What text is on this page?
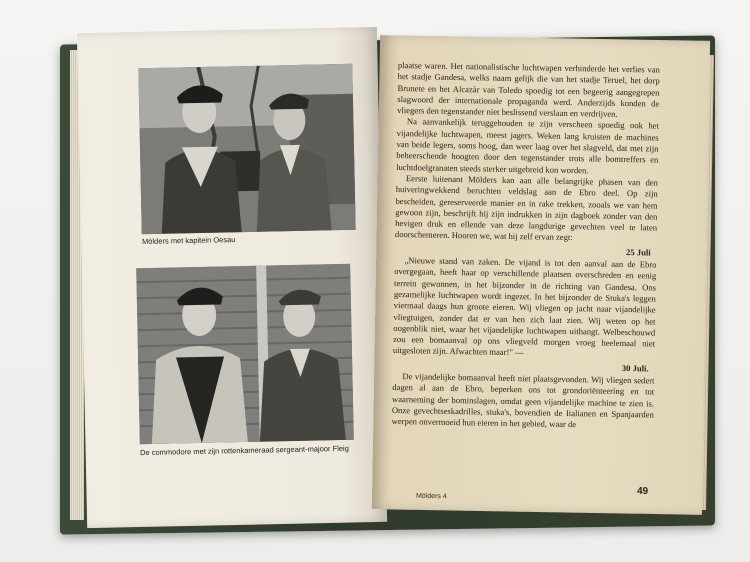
Mölders met kapitein Oesau
De commodore met zijn rottenkameraad sergeant-majoor Fleig

plaatse waren. Het nationalistische luchtwapen verhinderde het verlies van het stadje Gandesa, welks naam gelijk die van het stadje Teruel, het dorp Brunete en het Alcazàr van Toledo spoedig tot een begeerig aangegrepen slagwoord der internationale propaganda werd. Anderzijds konden de vliegers den tegenstander niet beslissend verslaan en verdrijven.

Na aanvankelijk teruggehouden te zijn verscheen spoedig ook het vijandelijke luchtwapen, meest jagers. Weken lang kruisten de machines van beide legers, soms hoog, dan weer laag over het slagveld, dat met zijn beheerschende hoogten door den tegenstander trots alle bomtreffers en luchtdoelgranaten steeds sterker uitgebreid kon worden.

Eerste luitenant Mölders kan aan alle belangrijke phasen van den huiveringwekkend beruchten veldslag aan de Ebro deel. Op zijn bescheiden, gereserveerde manier en in rake trekken, zooals we van hem gewoon zijn, beschrijft hij zijn indrukken in zijn dagboek zonder van den hevigen druk en ellende van deze langdurige gevechten veel te laten doorschemeren. Hooren we, wat hij zelf ervan zegt:

25 Juli

„Nieuwe stand van zaken. De vijand is tot den aanval aan de Ebro overgegaan, heeft haar op verschillende plaatsen overschreden en eenig terrein gewonnen, in het bijzonder in de richting van Gandesa. Ons gezamelijke luchtwapen wordt ingezet. In het bijzonder de Stuka's leggen viermaal daags hun groote eieren. Wij vliegen op jacht naar vijandelijke vliegtuigen, zonder dat er van hen zich laat zien. Wij weten op het oogenblik niet, waar het vijandelijke luchtwapen uithangt. Welbeschouwd zou een bomaanval op ons vliegveld morgen vroeg heelemaal niet uitgesloten zijn. Afwachten maar!" —

30 Juli.

De vijandelijke bomaanval heeft niet plaatsgevonden. Wij vliegen sedert dagen al aan de Ebro, beperken ons tot grondoriënteering en tot waarneming der bominslagen, omdat geen vijandelijke machine te zien is. Onze gevechtseskadrilles, stuka's, bovendien de Italianen en Spanjaarden werpen onvermoeid hun eieren in het gebied, waar de

Mölders 4	49
